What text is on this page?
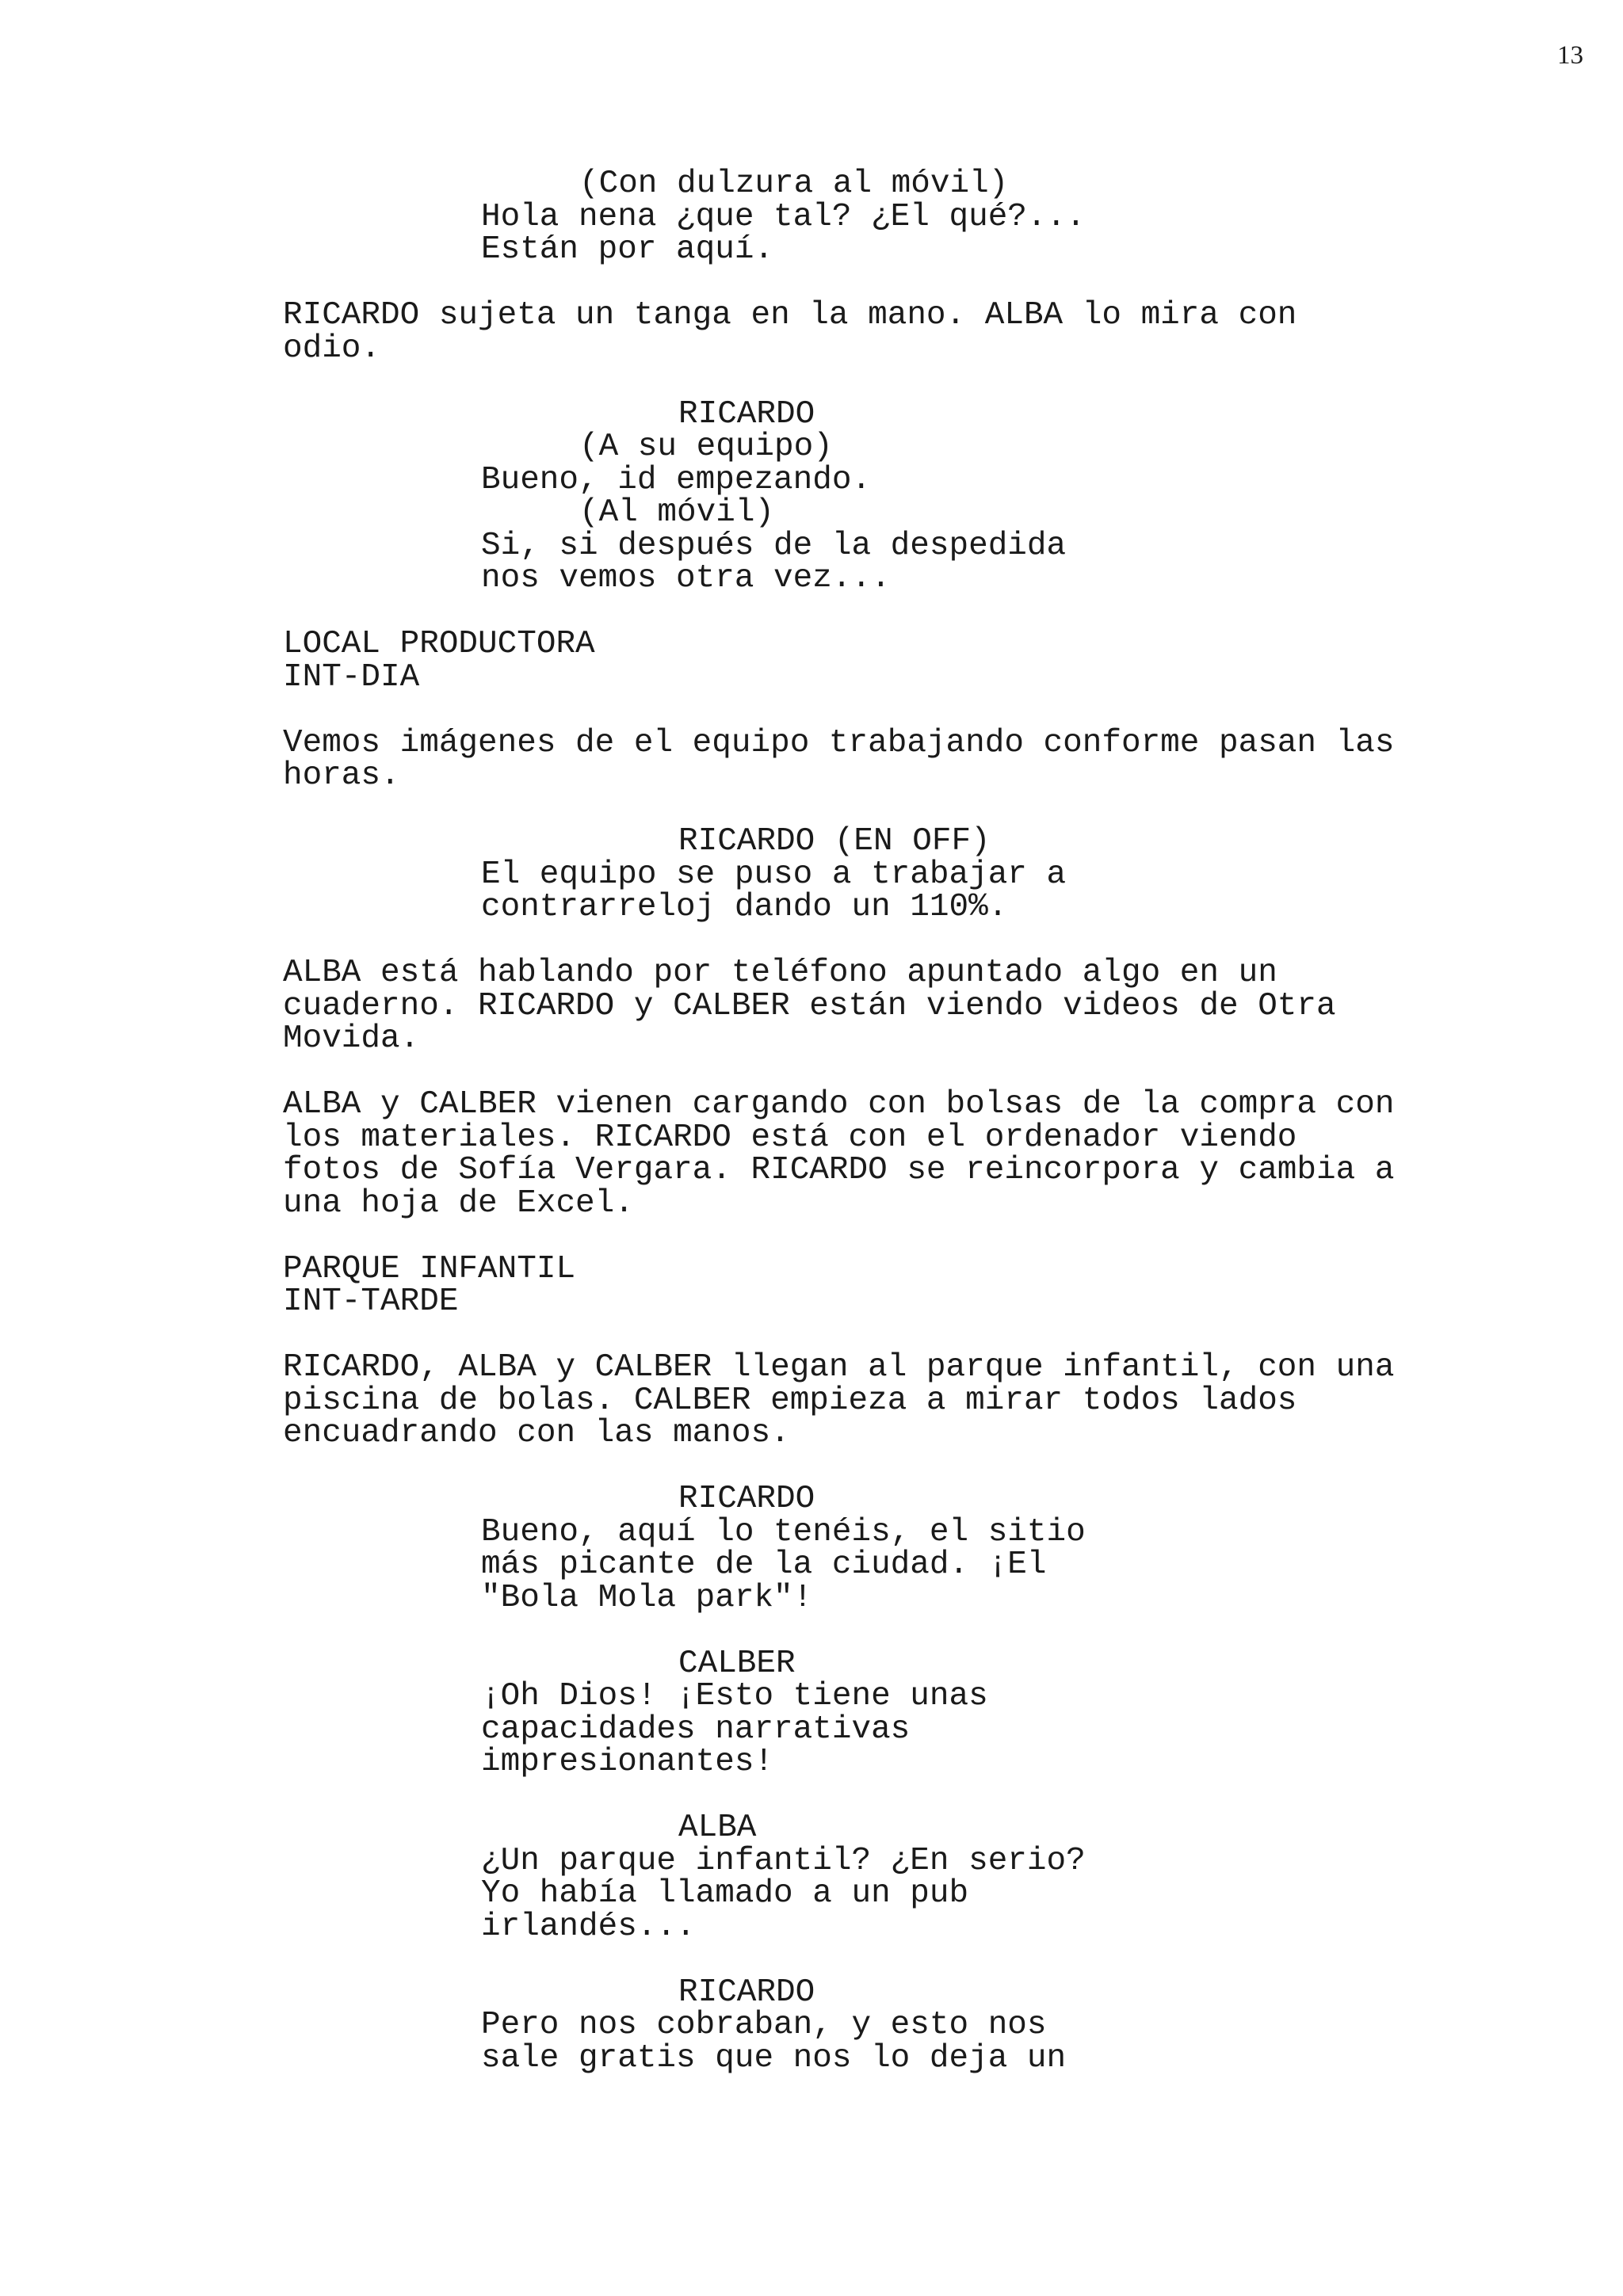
13
(Con dulzura al móvil)
Hola nena ¿que tal? ¿El qué?...
Están por aquí.
RICARDO sujeta un tanga en la mano. ALBA lo mira con
odio.
RICARDO
(A su equipo)
Bueno, id empezando.
(Al móvil)
Si, si después de la despedida
nos vemos otra vez...
LOCAL PRODUCTORA
INT-DIA
Vemos imágenes de el equipo trabajando conforme pasan las
horas.
RICARDO (EN OFF)
El equipo se puso a trabajar a
contrarreloj dando un 110%.
ALBA está hablando por teléfono apuntado algo en un
cuaderno. RICARDO y CALBER están viendo videos de Otra
Movida.
ALBA y CALBER vienen cargando con bolsas de la compra con
los materiales. RICARDO está con el ordenador viendo
fotos de Sofía Vergara. RICARDO se reincorpora y cambia a
una hoja de Excel.
PARQUE INFANTIL
INT-TARDE
RICARDO, ALBA y CALBER llegan al parque infantil, con una
piscina de bolas. CALBER empieza a mirar todos lados
encuadrando con las manos.
RICARDO
Bueno, aquí lo tenéis, el sitio
más picante de la ciudad. ¡El
"Bola Mola park"!
CALBER
¡Oh Dios! ¡Esto tiene unas
capacidades narrativas
impresionantes!
ALBA
¿Un parque infantil? ¿En serio?
Yo había llamado a un pub
irlandés...
RICARDO
Pero nos cobraban, y esto nos
sale gratis que nos lo deja un
